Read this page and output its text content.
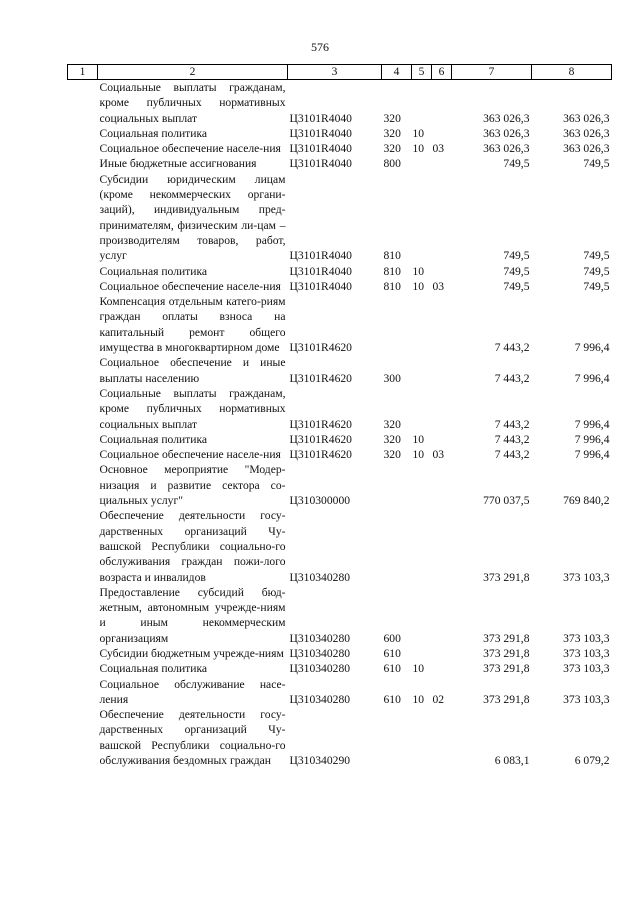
576
1	2	3	4	5	6	7	8
	Социальные выплаты гражданам, кроме публичных нормативных социальных выплат	Ц3101R4040	320			363 026,3	363 026,3
	Социальная политика	Ц3101R4040	320	10		363 026,3	363 026,3
	Социальное обеспечение населе-ния	Ц3101R4040	320	10	03	363 026,3	363 026,3
	Иные бюджетные ассигнования	Ц3101R4040	800			749,5	749,5
	Субсидии юридическим лицам (кроме некоммерческих органи-заций), индивидуальным пред-принимателям, физическим ли-цам – производителям товаров, работ, услуг	Ц3101R4040	810			749,5	749,5
	Социальная политика	Ц3101R4040	810	10		749,5	749,5
	Социальное обеспечение населе-ния	Ц3101R4040	810	10	03	749,5	749,5
	Компенсация отдельным катего-риям граждан оплаты взноса на капитальный ремонт общего имущества в многоквартирном доме	Ц3101R4620				7 443,2	7 996,4
	Социальное обеспечение и иные выплаты населению	Ц3101R4620	300			7 443,2	7 996,4
	Социальные выплаты гражданам, кроме публичных нормативных социальных выплат	Ц3101R4620	320			7 443,2	7 996,4
	Социальная политика	Ц3101R4620	320	10		7 443,2	7 996,4
	Социальное обеспечение населе-ния	Ц3101R4620	320	10	03	7 443,2	7 996,4
	Основное мероприятие "Модер-низация и развитие сектора со-циальных услуг"	Ц310300000				770 037,5	769 840,2
	Обеспечение деятельности госу-дарственных организаций Чу-вашской Республики социально-го обслуживания граждан пожи-лого возраста и инвалидов	Ц310340280				373 291,8	373 103,3
	Предоставление субсидий бюд-жетным, автономным учрежде-ниям и иным некоммерческим организациям	Ц310340280	600			373 291,8	373 103,3
	Субсидии бюджетным учрежде-ниям	Ц310340280	610			373 291,8	373 103,3
	Социальная политика	Ц310340280	610	10		373 291,8	373 103,3
	Социальное обслуживание насе-ления	Ц310340280	610	10	02	373 291,8	373 103,3
	Обеспечение деятельности госу-дарственных организаций Чу-вашской Республики социально-го обслуживания бездомных граждан	Ц310340290				6 083,1	6 079,2
